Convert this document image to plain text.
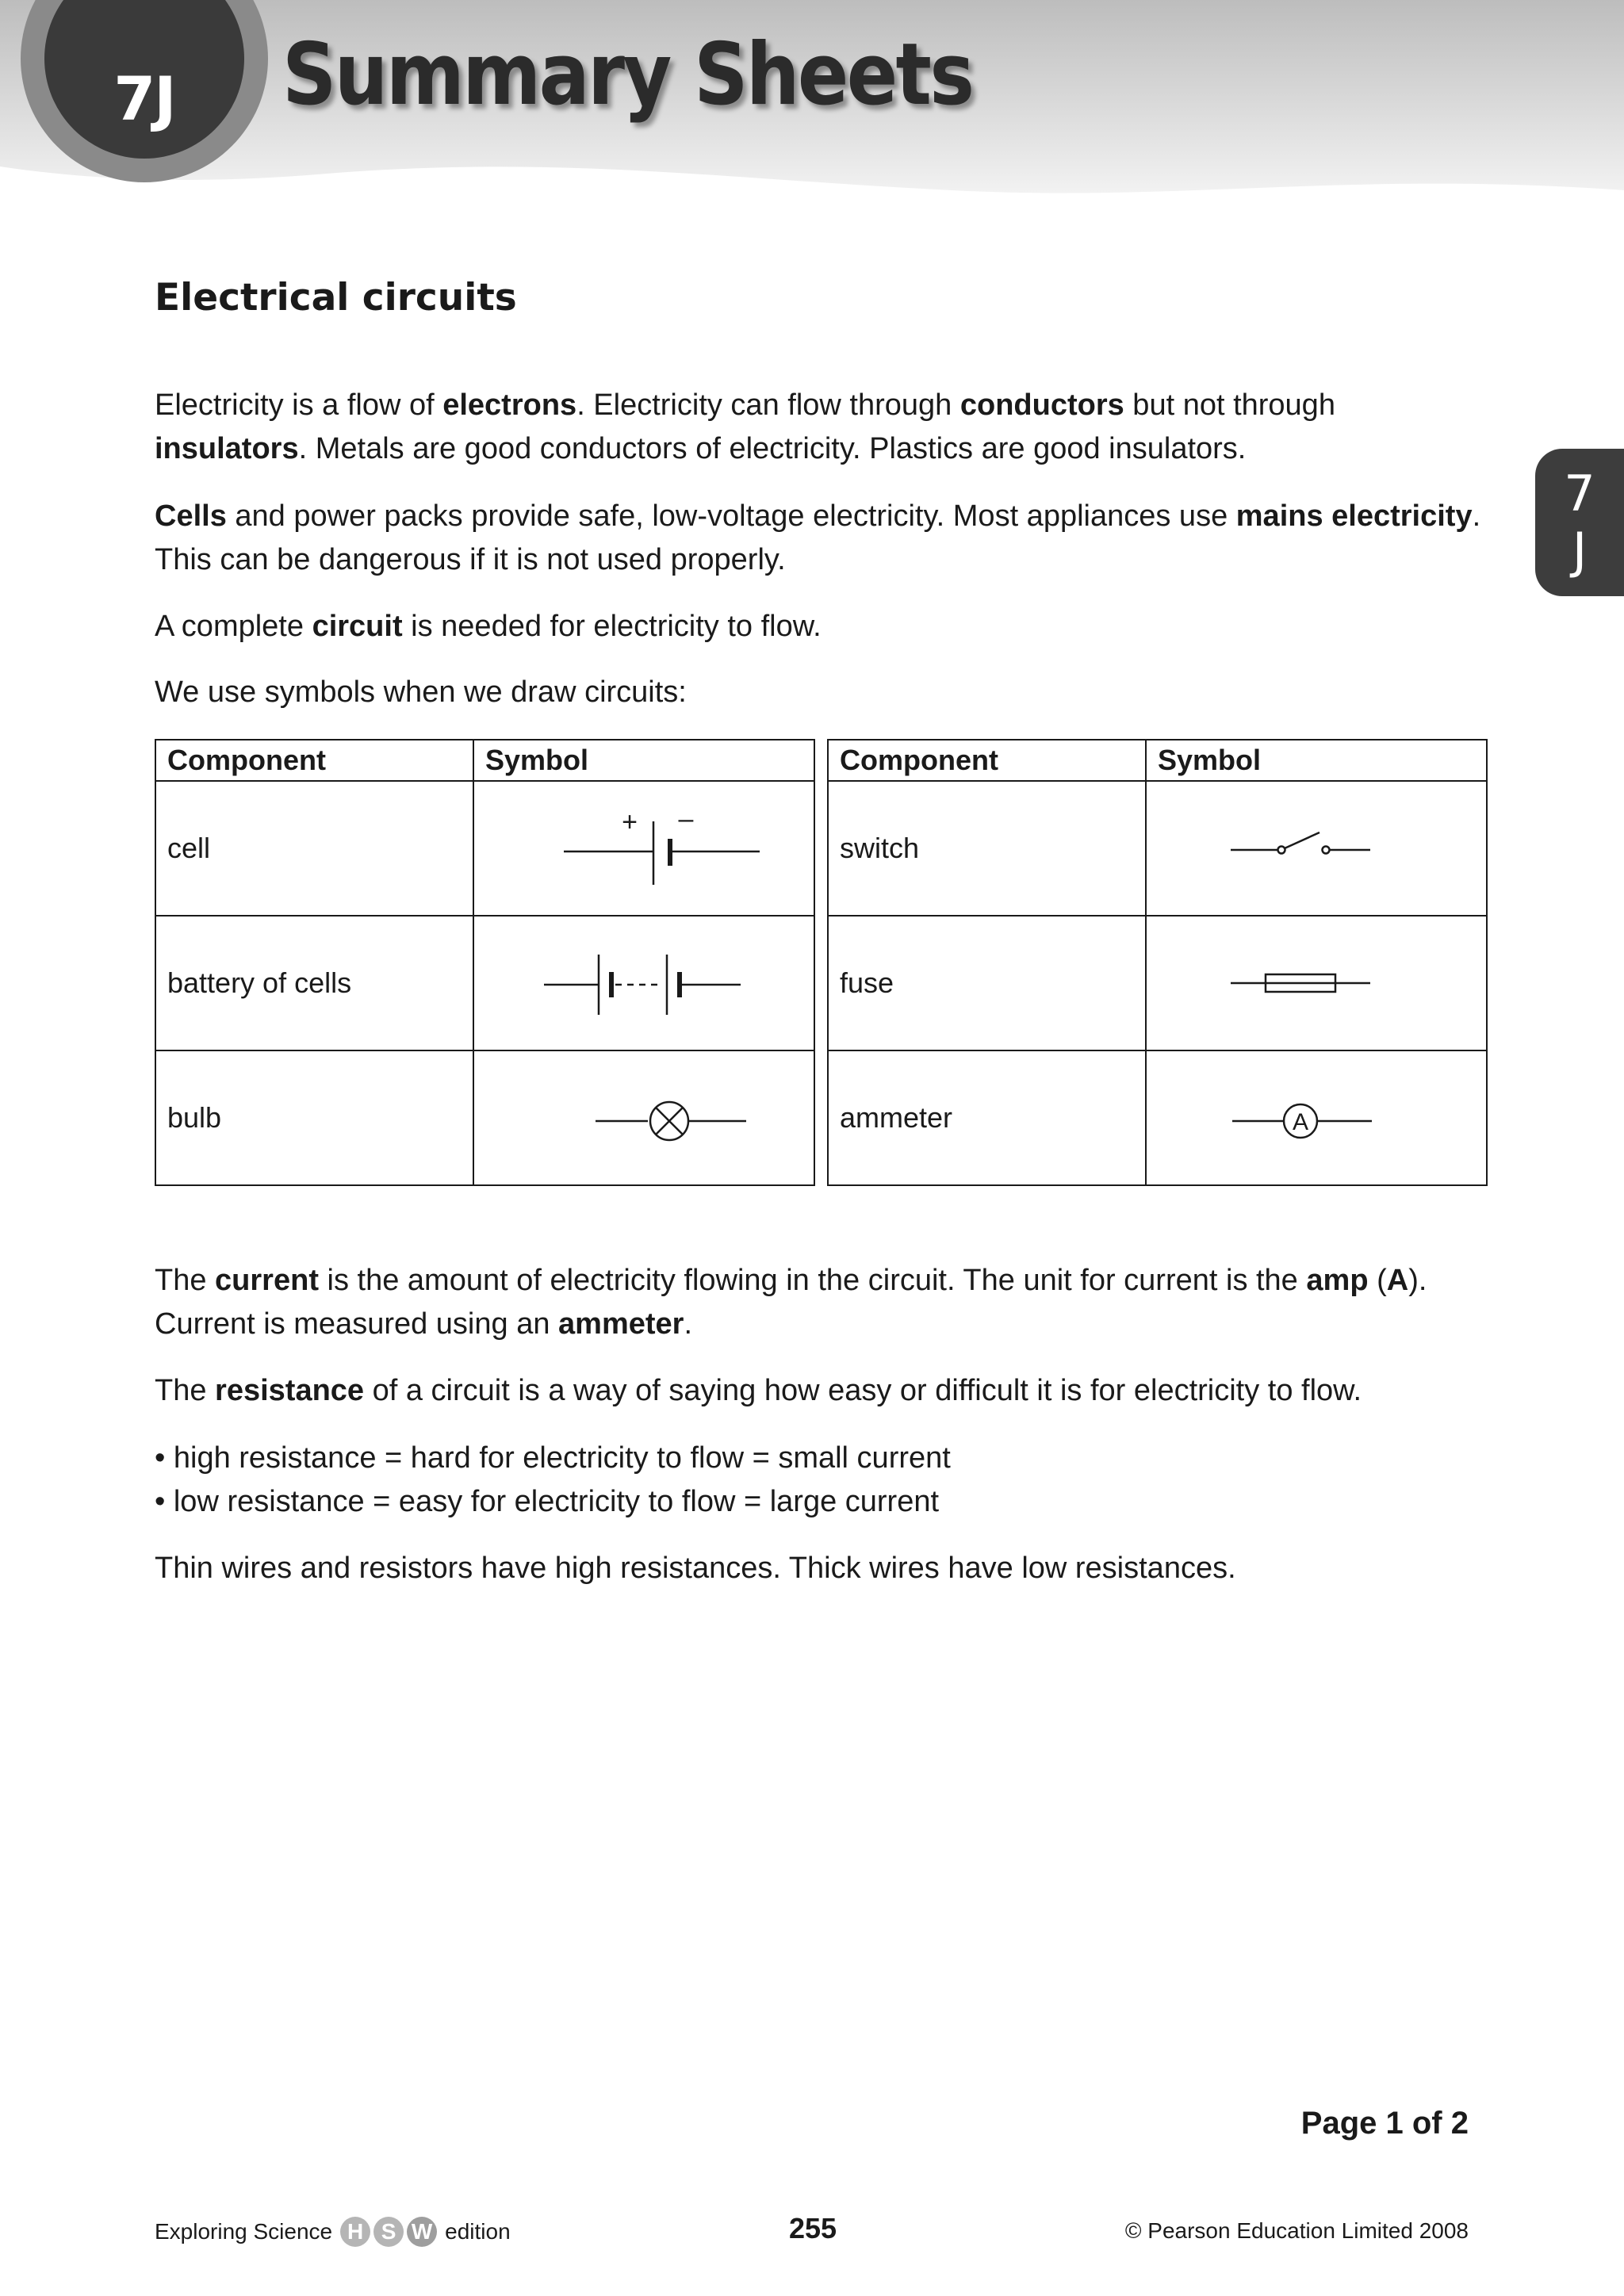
7J	Summary Sheets
7
J
Electrical circuits

Electricity is a flow of electrons. Electricity can flow through conductors but not through
insulators. Metals are good conductors of electricity. Plastics are good insulators.

Cells and power packs provide safe, low-voltage electricity. Most appliances use mains electricity.
This can be dangerous if it is not used properly.

A complete circuit is needed for electricity to flow.

We use symbols when we draw circuits:

Component	Symbol
cell	+ –

battery of cells	

bulb	
Component	Symbol
switch	

fuse	

ammeter	A

The current is the amount of electricity flowing in the circuit. The unit for current is the amp (A).
Current is measured using an ammeter.

The resistance of a circuit is a way of saying how easy or difficult it is for electricity to flow.

• high resistance = hard for electricity to flow = small current
• low resistance = easy for electricity to flow = large current

Thin wires and resistors have high resistances. Thick wires have low resistances.

Page 1 of 2
Exploring Science H S W edition	255	© Pearson Education Limited 2008
